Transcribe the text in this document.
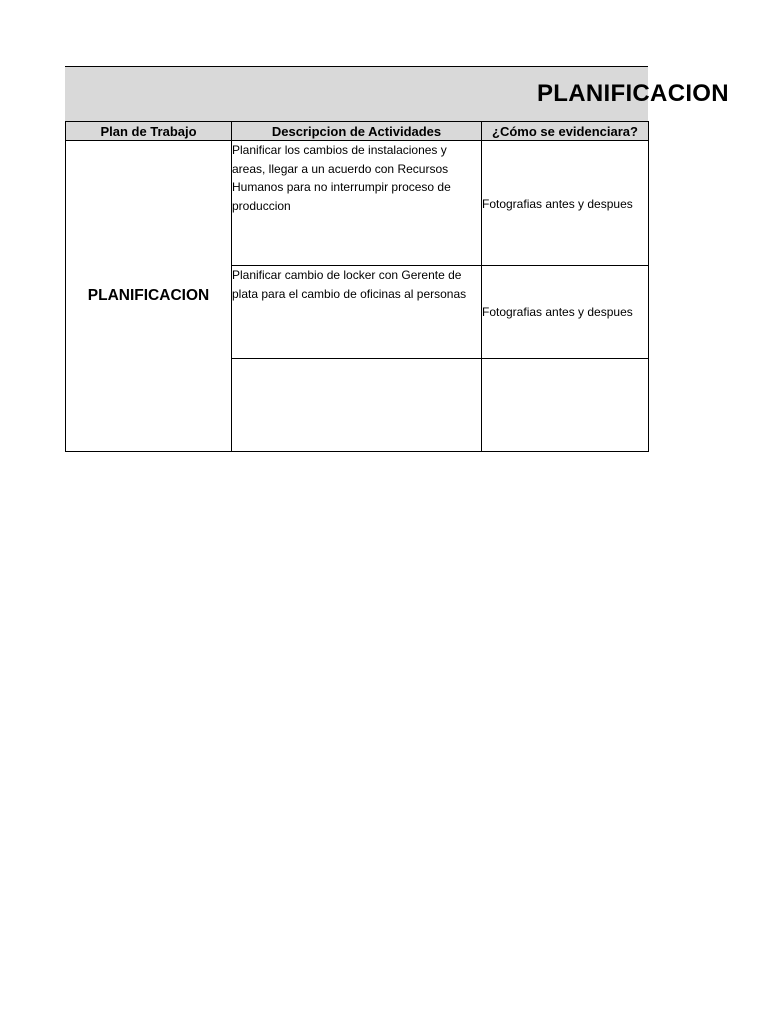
PLANIFICACION
Plan de Trabajo	Descripcion de Actividades	¿Cómo se evidenciara?
PLANIFICACION	Planificar los cambios de instalaciones y areas, llegar a un acuerdo con Recursos Humanos para no interrumpir proceso de produccion	Fotografias antes y despues

	Planificar cambio de locker con Gerente de plata para el cambio de oficinas al personas	Fotografias antes y despues
